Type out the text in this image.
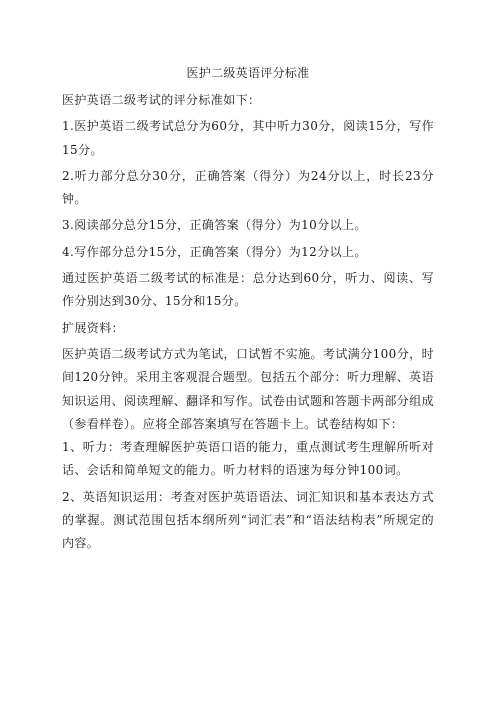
医护二级英语评分标准

医护英语二级考试的评分标准如下：

1.医护英语二级考试总分为60分，其中听力30分，阅读15分，写作15分。

2.听力部分总分30分，正确答案（得分）为24分以上，时长23分钟。

3.阅读部分总分15分，正确答案（得分）为10分以上。

4.写作部分总分15分，正确答案（得分）为12分以上。

通过医护英语二级考试的标准是：总分达到60分，听力、阅读、写作分别达到30分、15分和15分。

扩展资料：

医护英语二级考试方式为笔试，口试暂不实施。考试满分100分，时间120分钟。采用主客观混合题型。包括五个部分：听力理解、英语知识运用、阅读理解、翻译和写作。试卷由试题和答题卡两部分组成（参看样卷）。应将全部答案填写在答题卡上。试卷结构如下：

1、听力：考查理解医护英语口语的能力，重点测试考生理解所听对话、会话和简单短文的能力。听力材料的语速为每分钟100词。

2、英语知识运用：考查对医护英语语法、词汇知识和基本表达方式的掌握。测试范围包括本纲所列“词汇表”和“语法结构表”所规定的内容。
